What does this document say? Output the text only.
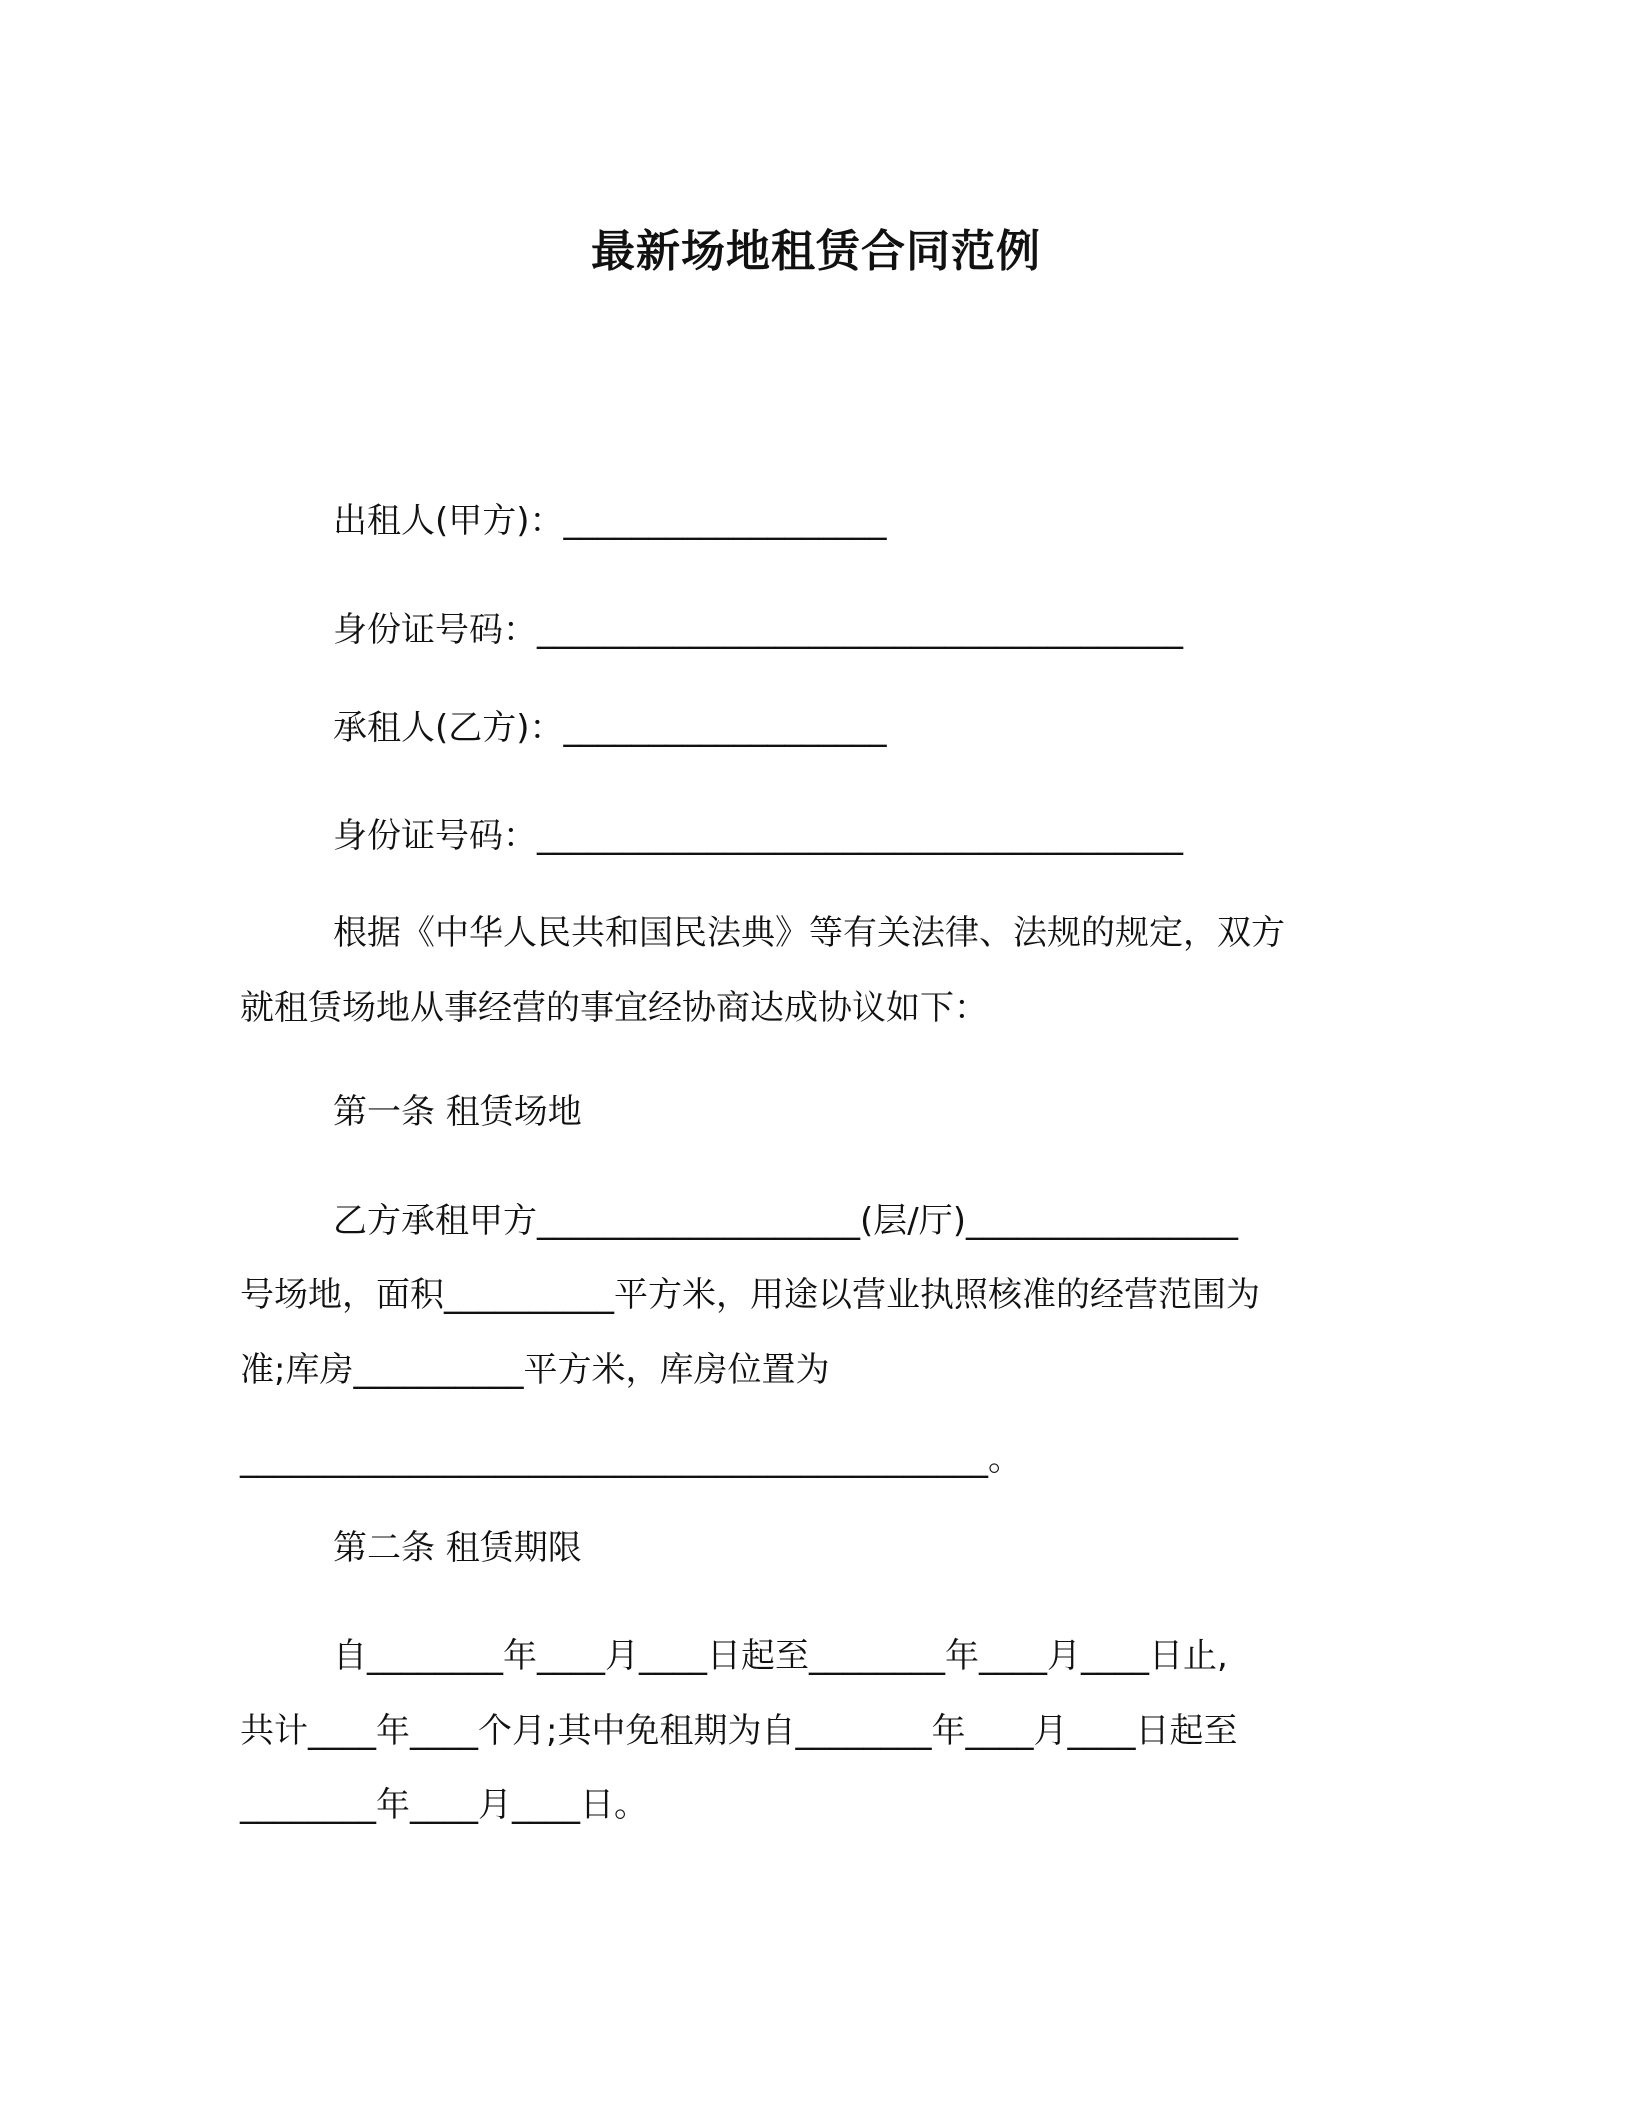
最新场地租赁合同范例
出租人(甲方)：___________________
身份证号码：______________________________________
承租人(乙方)：___________________
身份证号码：______________________________________
根据《中华人民共和国民法典》等有关法律、法规的规定，双方
就租赁场地从事经营的事宜经协商达成协议如下：
第一条 租赁场地
乙方承租甲方___________________(层/厅)________________
号场地，面积__________平方米，用途以营业执照核准的经营范围为
准;库房__________平方米，库房位置为
____________________________________________。
第二条 租赁期限
自________年____月____日起至________年____月____日止,
共计____年____个月;其中免租期为自________年____月____日起至
________年____月____日。
